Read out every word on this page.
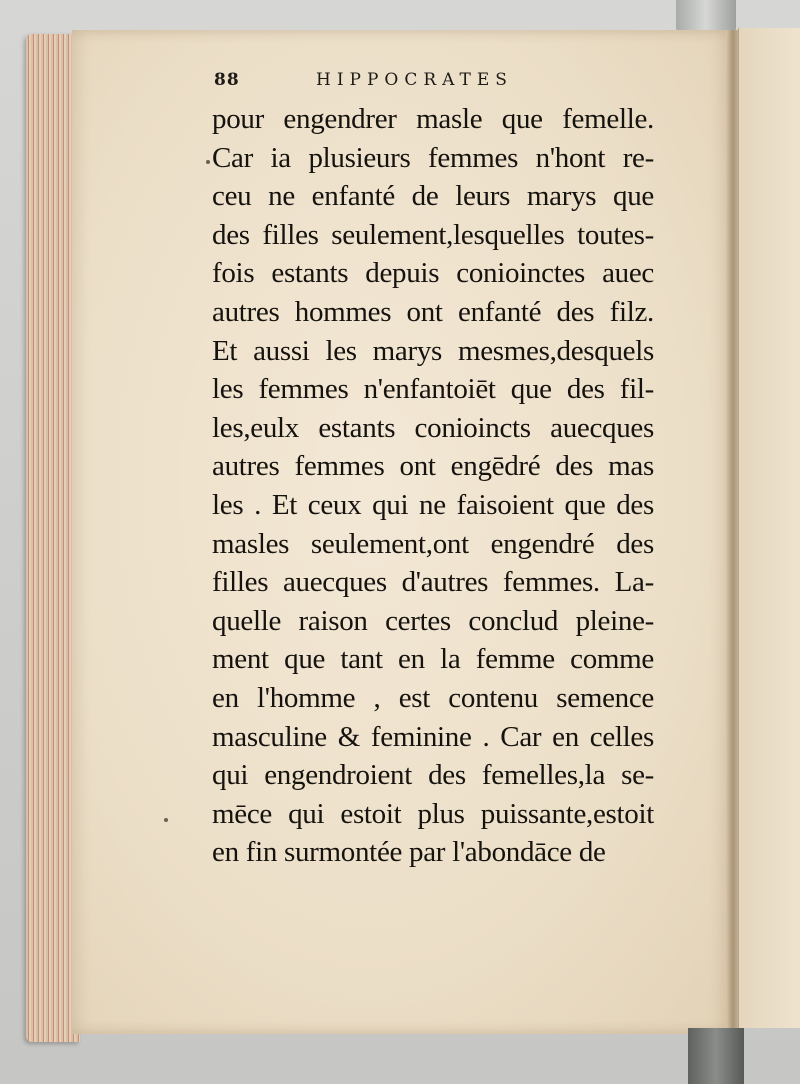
88	HIPPOCRATES
pour engendrer masle que femelle.
Car ia plusieurs femmes n'hont re-
ceu ne enfanté de leurs marys que
des filles seulement,lesquelles toutes-
fois estants depuis conioinctes auec
autres hommes ont enfanté des filz.
Et aussi les marys mesmes,desquels
les femmes n'enfantoiēt que des fil-
les,eulx estants conioincts auecques
autres femmes ont engēdré des mas
les . Et ceux qui ne faisoient que des
masles seulement,ont engendré des
filles auecques d'autres femmes. La-
quelle raison certes conclud pleine-
ment que tant en la femme comme
en l'homme , est contenu semence
masculine & feminine . Car en celles
qui engendroient des femelles,la se-
mēce qui estoit plus puissante,estoit
en fin surmontée par l'abondāce de
